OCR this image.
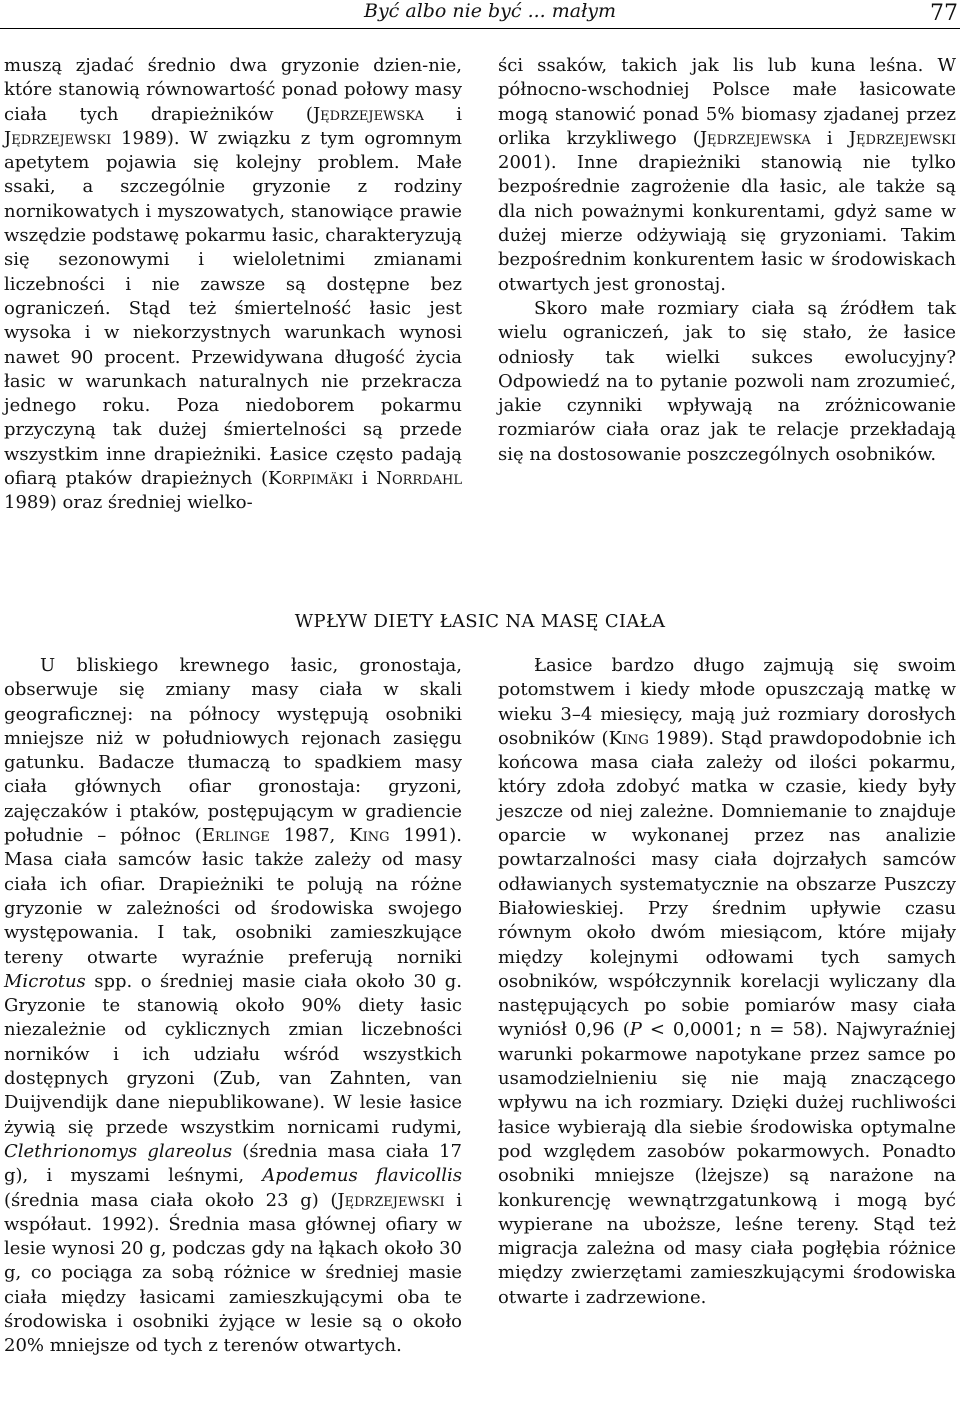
Być albo nie być ... małym	77

muszą zjadać średnio dwa gryzonie dzien-nie, które stanowią równowartość ponad połowy masy ciała tych drapieżników (Jędrzejewska i Jędrzejewski 1989). W związku z tym ogromnym apetytem pojawia się kolejny problem. Małe ssaki, a szczególnie gryzonie z rodziny nornikowatych i myszowatych, stanowiące prawie wszędzie podstawę pokarmu łasic, charakteryzują się sezonowymi i wieloletnimi zmianami liczebności i nie zawsze są dostępne bez ograniczeń. Stąd też śmiertelność łasic jest wysoka i w niekorzystnych warunkach wynosi nawet 90 procent. Przewidywana długość życia łasic w warunkach naturalnych nie przekracza jednego roku. Poza niedoborem pokarmu przyczyną tak dużej śmiertelności są przede wszystkim inne drapieżniki. Łasice często padają ofiarą ptaków drapieżnych (Korpimäki i Norrdahl 1989) oraz średniej wielko-

ści ssaków, takich jak lis lub kuna leśna. W północno-wschodniej Polsce małe łasicowate mogą stanowić ponad 5% biomasy zjadanej przez orlika krzykliwego (Jędrzejewska i Jędrzejewski 2001). Inne drapieżniki stanowią nie tylko bezpośrednie zagrożenie dla łasic, ale także są dla nich poważnymi konkurentami, gdyż same w dużej mierze odżywiają się gryzoniami. Takim bezpośrednim konkurentem łasic w środowiskach otwartych jest gronostaj.

Skoro małe rozmiary ciała są źródłem tak wielu ograniczeń, jak to się stało, że łasice odniosły tak wielki sukces ewolucyjny? Odpowiedź na to pytanie pozwoli nam zrozumieć, jakie czynniki wpływają na zróżnicowanie rozmiarów ciała oraz jak te relacje przekładają się na dostosowanie poszczególnych osobników.

WPŁYW DIETY ŁASIC NA MASĘ CIAŁA

U bliskiego krewnego łasic, gronostaja, obserwuje się zmiany masy ciała w skali geograficznej: na północy występują osobniki mniejsze niż w południowych rejonach zasięgu gatunku. Badacze tłumaczą to spadkiem masy ciała głównych ofiar gronostaja: gryzoni, zajęczaków i ptaków, postępującym w gradiencie południe – północ (Erlinge 1987, King 1991). Masa ciała samców łasic także zależy od masy ciała ich ofiar. Drapieżniki te polują na różne gryzonie w zależności od środowiska swojego występowania. I tak, osobniki zamieszkujące tereny otwarte wyraźnie preferują norniki Microtus spp. o średniej masie ciała około 30 g. Gryzonie te stanowią około 90% diety łasic niezależnie od cyklicznych zmian liczebności norników i ich udziału wśród wszystkich dostępnych gryzoni (Zub, van Zahnten, van Duijvendijk dane niepublikowane). W lesie łasice żywią się przede wszystkim nornicami rudymi, Clethrionomys glareolus (średnia masa ciała 17 g), i myszami leśnymi, Apodemus flavicollis (średnia masa ciała około 23 g) (Jędrzejewski i współaut. 1992). Średnia masa głównej ofiary w lesie wynosi 20 g, podczas gdy na łąkach około 30 g, co pociąga za sobą różnice w średniej masie ciała między łasicami zamieszkującymi oba te środowiska i osobniki żyjące w lesie są o około 20% mniejsze od tych z terenów otwartych.

Łasice bardzo długo zajmują się swoim potomstwem i kiedy młode opuszczają matkę w wieku 3–4 miesięcy, mają już rozmiary dorosłych osobników (King 1989). Stąd prawdopodobnie ich końcowa masa ciała zależy od ilości pokarmu, który zdoła zdobyć matka w czasie, kiedy były jeszcze od niej zależne. Domniemanie to znajduje oparcie w wykonanej przez nas analizie powtarzalności masy ciała dojrzałych samców odławianych systematycznie na obszarze Puszczy Białowieskiej. Przy średnim upływie czasu równym około dwóm miesiącom, które mijały między kolejnymi odłowami tych samych osobników, współczynnik korelacji wyliczany dla następujących po sobie pomiarów masy ciała wyniósł 0,96 (P < 0,0001; n = 58). Najwyraźniej warunki pokarmowe napotykane przez samce po usamodzielnieniu się nie mają znaczącego wpływu na ich rozmiary. Dzięki dużej ruchliwości łasice wybierają dla siebie środowiska optymalne pod względem zasobów pokarmowych. Ponadto osobniki mniejsze (lżejsze) są narażone na konkurencję wewnątrzgatunkową i mogą być wypierane na uboższe, leśne tereny. Stąd też migracja zależna od masy ciała pogłębia różnice między zwierzętami zamieszkującymi środowiska otwarte i zadrzewione.
